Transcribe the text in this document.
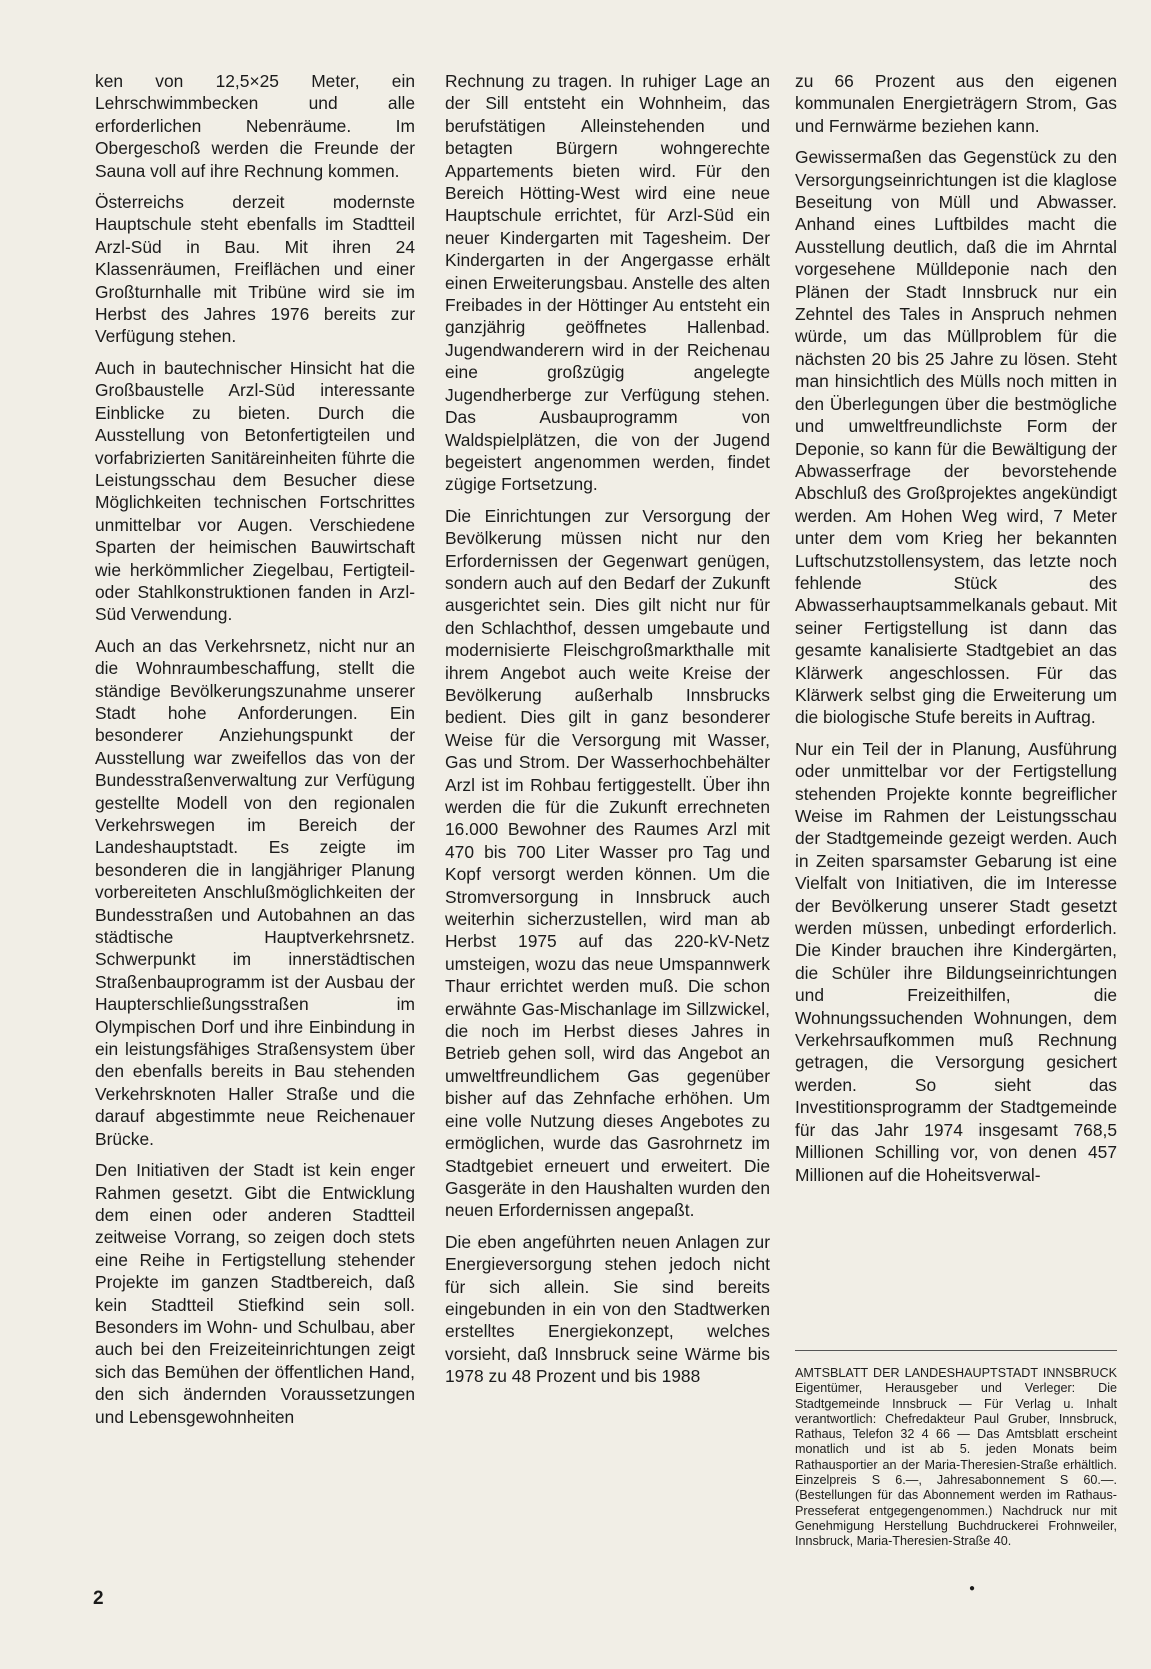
ken von 12,5×25 Meter, ein Lehrschwimmbecken und alle erforderlichen Nebenräume. Im Obergeschoß werden die Freunde der Sauna voll auf ihre Rechnung kommen.

Österreichs derzeit modernste Hauptschule steht ebenfalls im Stadtteil Arzl-Süd in Bau. Mit ihren 24 Klassenräumen, Freiflächen und einer Großturnhalle mit Tribüne wird sie im Herbst des Jahres 1976 bereits zur Verfügung stehen.

Auch in bautechnischer Hinsicht hat die Großbaustelle Arzl-Süd interessante Einblicke zu bieten. Durch die Ausstellung von Betonfertigteilen und vorfabrizierten Sanitäreinheiten führte die Leistungsschau dem Besucher diese Möglichkeiten technischen Fortschrittes unmittelbar vor Augen. Verschiedene Sparten der heimischen Bauwirtschaft wie herkömmlicher Ziegelbau, Fertigteil- oder Stahlkonstruktionen fanden in Arzl-Süd Verwendung.

Auch an das Verkehrsnetz, nicht nur an die Wohnraumbeschaffung, stellt die ständige Bevölkerungszunahme unserer Stadt hohe Anforderungen. Ein besonderer Anziehungspunkt der Ausstellung war zweifellos das von der Bundesstraßenverwaltung zur Verfügung gestellte Modell von den regionalen Verkehrswegen im Bereich der Landeshauptstadt. Es zeigte im besonderen die in langjähriger Planung vorbereiteten Anschlußmöglichkeiten der Bundesstraßen und Autobahnen an das städtische Hauptverkehrsnetz. Schwerpunkt im innerstädtischen Straßenbauprogramm ist der Ausbau der Haupterschließungsstraßen im Olympischen Dorf und ihre Einbindung in ein leistungsfähiges Straßensystem über den ebenfalls bereits in Bau stehenden Verkehrsknoten Haller Straße und die darauf abgestimmte neue Reichenauer Brücke.

Den Initiativen der Stadt ist kein enger Rahmen gesetzt. Gibt die Entwicklung dem einen oder anderen Stadtteil zeitweise Vorrang, so zeigen doch stets eine Reihe in Fertigstellung stehender Projekte im ganzen Stadtbereich, daß kein Stadtteil Stiefkind sein soll. Besonders im Wohn- und Schulbau, aber auch bei den Freizeiteinrichtungen zeigt sich das Bemühen der öffentlichen Hand, den sich ändernden Voraussetzungen und Lebensgewohnheiten

Rechnung zu tragen. In ruhiger Lage an der Sill entsteht ein Wohnheim, das berufstätigen Alleinstehenden und betagten Bürgern wohngerechte Appartements bieten wird. Für den Bereich Hötting-West wird eine neue Hauptschule errichtet, für Arzl-Süd ein neuer Kindergarten mit Tagesheim. Der Kindergarten in der Angergasse erhält einen Erweiterungsbau. Anstelle des alten Freibades in der Höttinger Au entsteht ein ganzjährig geöffnetes Hallenbad. Jugendwanderern wird in der Reichenau eine großzügig angelegte Jugendherberge zur Verfügung stehen. Das Ausbauprogramm von Waldspielplätzen, die von der Jugend begeistert angenommen werden, findet zügige Fortsetzung.

Die Einrichtungen zur Versorgung der Bevölkerung müssen nicht nur den Erfordernissen der Gegenwart genügen, sondern auch auf den Bedarf der Zukunft ausgerichtet sein. Dies gilt nicht nur für den Schlachthof, dessen umgebaute und modernisierte Fleischgroßmarkthalle mit ihrem Angebot auch weite Kreise der Bevölkerung außerhalb Innsbrucks bedient. Dies gilt in ganz besonderer Weise für die Versorgung mit Wasser, Gas und Strom. Der Wasserhochbehälter Arzl ist im Rohbau fertiggestellt. Über ihn werden die für die Zukunft errechneten 16.000 Bewohner des Raumes Arzl mit 470 bis 700 Liter Wasser pro Tag und Kopf versorgt werden können. Um die Stromversorgung in Innsbruck auch weiterhin sicherzustellen, wird man ab Herbst 1975 auf das 220-kV-Netz umsteigen, wozu das neue Umspannwerk Thaur errichtet werden muß. Die schon erwähnte Gas-Mischanlage im Sillzwickel, die noch im Herbst dieses Jahres in Betrieb gehen soll, wird das Angebot an umweltfreundlichem Gas gegenüber bisher auf das Zehnfache erhöhen. Um eine volle Nutzung dieses Angebotes zu ermöglichen, wurde das Gasrohrnetz im Stadtgebiet erneuert und erweitert. Die Gasgeräte in den Haushalten wurden den neuen Erfordernissen angepaßt.

Die eben angeführten neuen Anlagen zur Energieversorgung stehen jedoch nicht für sich allein. Sie sind bereits eingebunden in ein von den Stadtwerken erstelltes Energiekonzept, welches vorsieht, daß Innsbruck seine Wärme bis 1978 zu 48 Prozent und bis 1988

zu 66 Prozent aus den eigenen kommunalen Energieträgern Strom, Gas und Fernwärme beziehen kann.

Gewissermaßen das Gegenstück zu den Versorgungseinrichtungen ist die klaglose Beseitung von Müll und Abwasser. Anhand eines Luftbildes macht die Ausstellung deutlich, daß die im Ahrntal vorgesehene Mülldeponie nach den Plänen der Stadt Innsbruck nur ein Zehntel des Tales in Anspruch nehmen würde, um das Müllproblem für die nächsten 20 bis 25 Jahre zu lösen. Steht man hinsichtlich des Mülls noch mitten in den Überlegungen über die bestmögliche und umweltfreundlichste Form der Deponie, so kann für die Bewältigung der Abwasserfrage der bevorstehende Abschluß des Großprojektes angekündigt werden. Am Hohen Weg wird, 7 Meter unter dem vom Krieg her bekannten Luftschutzstollensystem, das letzte noch fehlende Stück des Abwasserhauptsammelkanals gebaut. Mit seiner Fertigstellung ist dann das gesamte kanalisierte Stadtgebiet an das Klärwerk angeschlossen. Für das Klärwerk selbst ging die Erweiterung um die biologische Stufe bereits in Auftrag.

Nur ein Teil der in Planung, Ausführung oder unmittelbar vor der Fertigstellung stehenden Projekte konnte begreiflicher Weise im Rahmen der Leistungsschau der Stadtgemeinde gezeigt werden. Auch in Zeiten sparsamster Gebarung ist eine Vielfalt von Initiativen, die im Interesse der Bevölkerung unserer Stadt gesetzt werden müssen, unbedingt erforderlich. Die Kinder brauchen ihre Kindergärten, die Schüler ihre Bildungseinrichtungen und Freizeithilfen, die Wohnungssuchenden Wohnungen, dem Verkehrsaufkommen muß Rechnung getragen, die Versorgung gesichert werden. So sieht das Investitionsprogramm der Stadtgemeinde für das Jahr 1974 insgesamt 768,5 Millionen Schilling vor, von denen 457 Millionen auf die Hoheitsverwal-

AMTSBLATT DER LANDESHAUPTSTADT INNSBRUCK Eigentümer, Herausgeber und Verleger: Die Stadtgemeinde Innsbruck — Für Verlag u. Inhalt verantwortlich: Chefredakteur Paul Gruber, Innsbruck, Rathaus, Telefon 32 4 66 — Das Amtsblatt erscheint monatlich und ist ab 5. jeden Monats beim Rathausportier an der Maria-Theresien-Straße erhältlich. Einzelpreis S 6.—, Jahresabonnement S 60.—. (Bestellungen für das Abonnement werden im Rathaus-Presseferat entgegengenommen.) Nachdruck nur mit Genehmigung Herstellung Buchdruckerei Frohnweiler, Innsbruck, Maria-Theresien-Straße 40.
2	●
